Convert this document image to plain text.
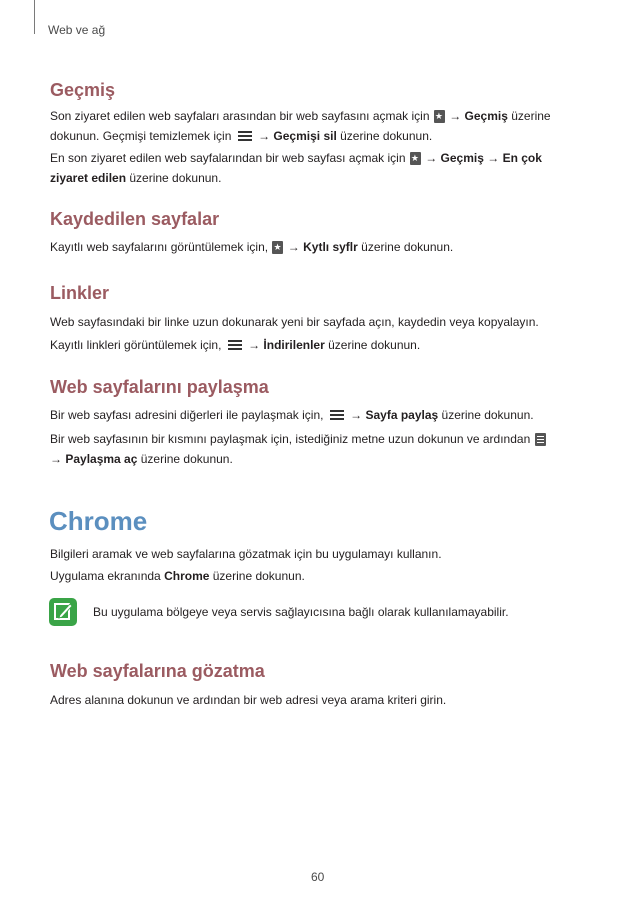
Web ve ağ
Geçmiş

Son ziyaret edilen web sayfaları arasından bir web sayfasını açmak için ★ → Geçmiş üzerine
dokunun. Geçmişi temizlemek için  → Geçmişi sil üzerine dokunun.

En son ziyaret edilen web sayfalarından bir web sayfası açmak için ★ → Geçmiş → En çok
ziyaret edilen üzerine dokunun.

Kaydedilen sayfalar

Kayıtlı web sayfalarını görüntülemek için, ★ → Kytlı syflr üzerine dokunun.

Linkler

Web sayfasındaki bir linke uzun dokunarak yeni bir sayfada açın, kaydedin veya kopyalayın.

Kayıtlı linkleri görüntülemek için,  → İndirilenler üzerine dokunun.

Web sayfalarını paylaşma

Bir web sayfası adresini diğerleri ile paylaşmak için,  → Sayfa paylaş üzerine dokunun.

Bir web sayfasının bir kısmını paylaşmak için, istediğiniz metne uzun dokunun ve ardından
→ Paylaşma aç üzerine dokunun.

Chrome

Bilgileri aramak ve web sayfalarına gözatmak için bu uygulamayı kullanın.

Uygulama ekranında Chrome üzerine dokunun.

Bu uygulama bölgeye veya servis sağlayıcısına bağlı olarak kullanılamayabilir.

Web sayfalarına gözatma

Adres alanına dokunun ve ardından bir web adresi veya arama kriteri girin.

60
